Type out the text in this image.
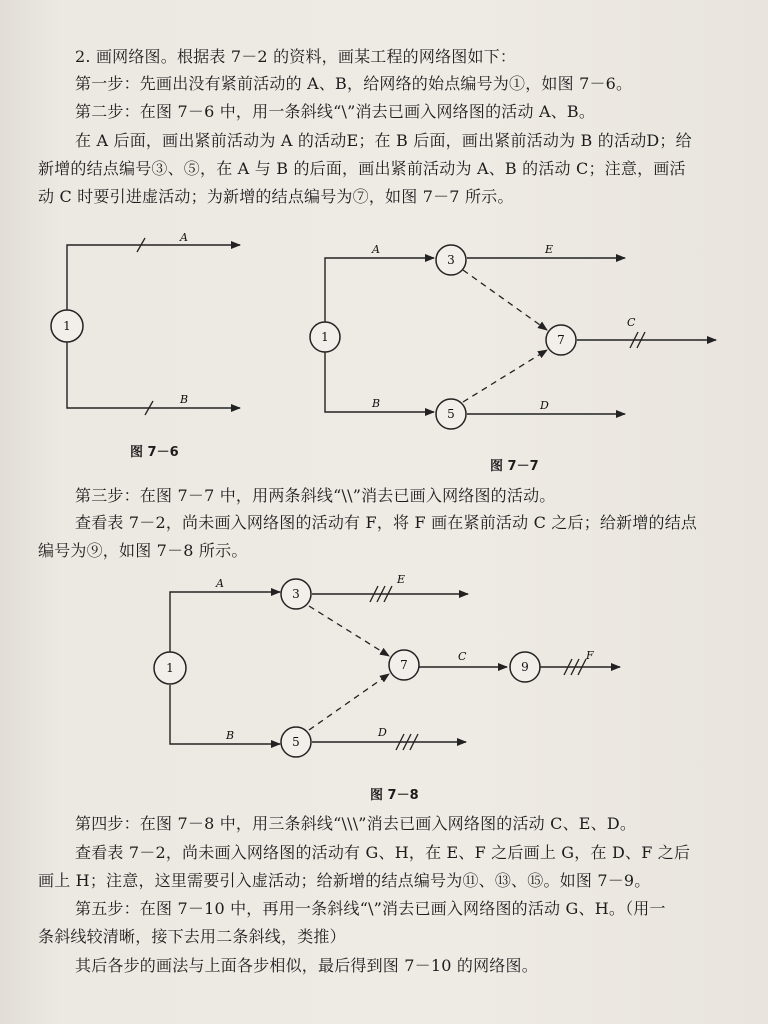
2. 画网络图。根据表 7－2 的资料，画某工程的网络图如下：
第一步：先画出没有紧前活动的 A、B，给网络的始点编号为①，如图 7－6。
第二步：在图 7－6 中，用一条斜线“\”消去已画入网络图的活动 A、B。
在 A 后面，画出紧前活动为 A 的活动E；在 B 后面，画出紧前活动为 B 的活动D；给
新增的结点编号③、⑤，在 A 与 B 的后面，画出紧前活动为 A、B 的活动 C；注意，画活
动 C 时要引进虚活动；为新增的结点编号为⑦，如图 7－7 所示。
A
B
1
A
B
E
D
C
1
3
5
7
A
B
E
D
C	F
1
3
5
7	9
图 7－6
图 7－7
第三步：在图 7－7 中，用两条斜线“\\”消去已画入网络图的活动。
查看表 7－2，尚未画入网络图的活动有 F，将 F 画在紧前活动 C 之后；给新增的结点
编号为⑨，如图 7－8 所示。
图 7－8
第四步：在图 7－8 中，用三条斜线“\\\”消去已画入网络图的活动 C、E、D。
查看表 7－2，尚未画入网络图的活动有 G、H，在 E、F 之后画上 G，在 D、F 之后
画上 H；注意，这里需要引入虚活动；给新增的结点编号为⑪、⑬、⑮。如图 7－9。
第五步：在图 7－10 中，再用一条斜线“\”消去已画入网络图的活动 G、H。（用一
条斜线较清晰，接下去用二条斜线，类推）
其后各步的画法与上面各步相似，最后得到图 7－10 的网络图。
